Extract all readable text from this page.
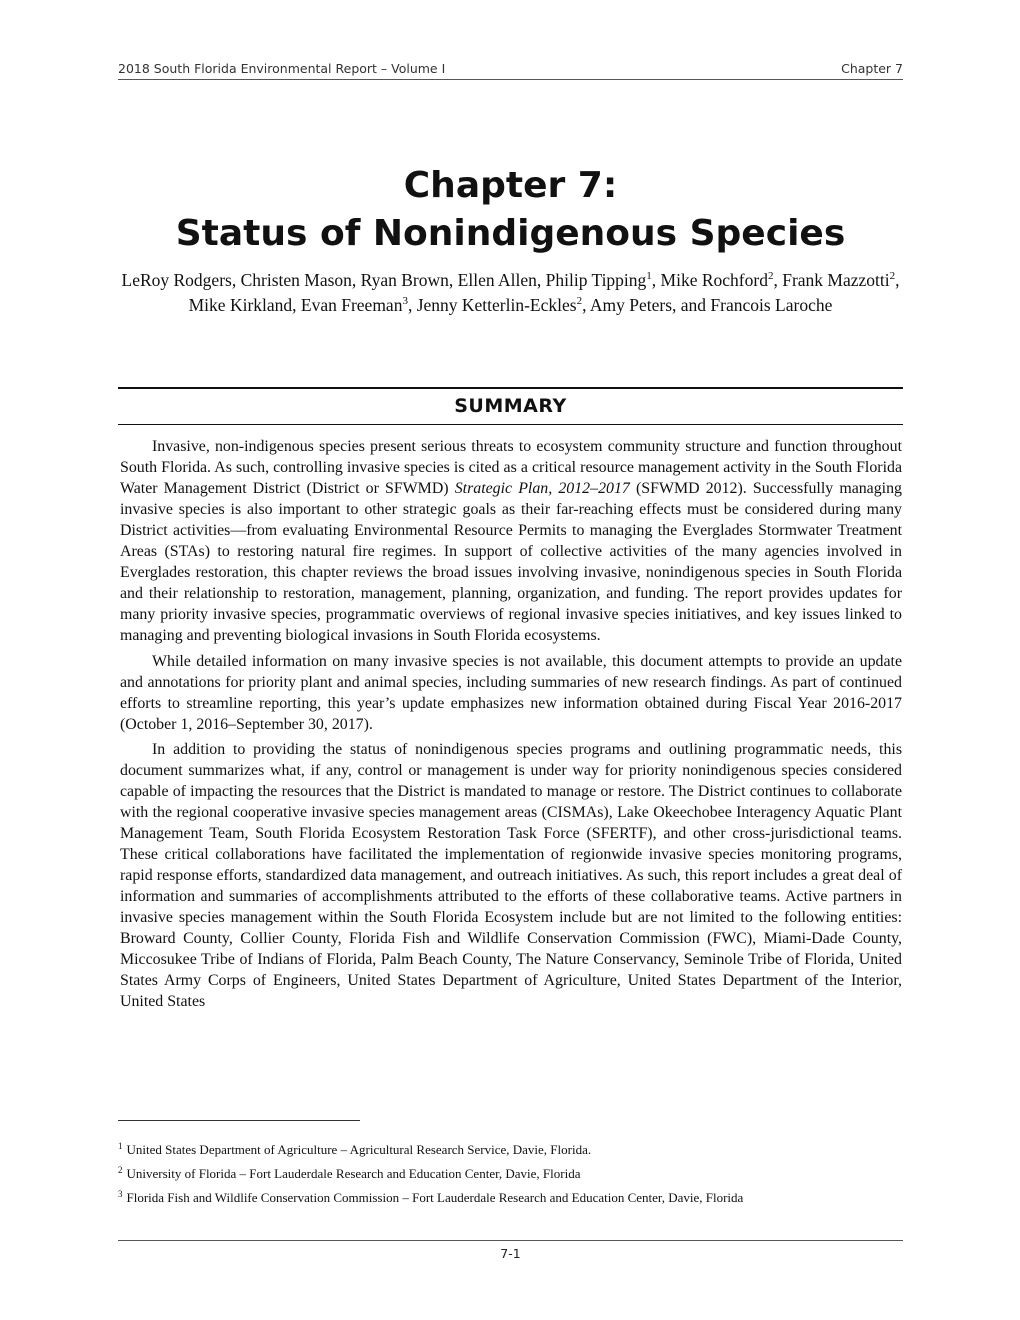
2018 South Florida Environmental Report – Volume I	Chapter 7
Chapter 7:
Status of Nonindigenous Species
LeRoy Rodgers, Christen Mason, Ryan Brown, Ellen Allen, Philip Tipping$^1$, Mike Rochford$^2$, Frank Mazzotti$^2$, Mike Kirkland, Evan Freeman$^3$, Jenny Ketterlin-Eckles$^2$, Amy Peters, and Francois Laroche
SUMMARY

Invasive, non-indigenous species present serious threats to ecosystem community structure and function throughout South Florida. As such, controlling invasive species is cited as a critical resource management activity in the South Florida Water Management District (District or SFWMD) Strategic Plan, 2012–2017 (SFWMD 2012). Successfully managing invasive species is also important to other strategic goals as their far-reaching effects must be considered during many District activities―from evaluating Environmental Resource Permits to managing the Everglades Stormwater Treatment Areas (STAs) to restoring natural fire regimes. In support of collective activities of the many agencies involved in Everglades restoration, this chapter reviews the broad issues involving invasive, nonindigenous species in South Florida and their relationship to restoration, management, planning, organization, and funding. The report provides updates for many priority invasive species, programmatic overviews of regional invasive species initiatives, and key issues linked to managing and preventing biological invasions in South Florida ecosystems.

While detailed information on many invasive species is not available, this document attempts to provide an update and annotations for priority plant and animal species, including summaries of new research findings. As part of continued efforts to streamline reporting, this year’s update emphasizes new information obtained during Fiscal Year 2016-2017 (October 1, 2016–September 30, 2017).

In addition to providing the status of nonindigenous species programs and outlining programmatic needs, this document summarizes what, if any, control or management is under way for priority nonindigenous species considered capable of impacting the resources that the District is mandated to manage or restore. The District continues to collaborate with the regional cooperative invasive species management areas (CISMAs), Lake Okeechobee Interagency Aquatic Plant Management Team, South Florida Ecosystem Restoration Task Force (SFERTF), and other cross-jurisdictional teams. These critical collaborations have facilitated the implementation of regionwide invasive species monitoring programs, rapid response efforts, standardized data management, and outreach initiatives. As such, this report includes a great deal of information and summaries of accomplishments attributed to the efforts of these collaborative teams. Active partners in invasive species management within the South Florida Ecosystem include but are not limited to the following entities: Broward County, Collier County, Florida Fish and Wildlife Conservation Commission (FWC), Miami-Dade County, Miccosukee Tribe of Indians of Florida, Palm Beach County, The Nature Conservancy, Seminole Tribe of Florida, United States Army Corps of Engineers, United States Department of Agriculture, United States Department of the Interior, United States

$^1$ United States Department of Agriculture – Agricultural Research Service, Davie, Florida.
$^2$ University of Florida – Fort Lauderdale Research and Education Center, Davie, Florida
$^3$ Florida Fish and Wildlife Conservation Commission – Fort Lauderdale Research and Education Center, Davie, Florida
7-1
